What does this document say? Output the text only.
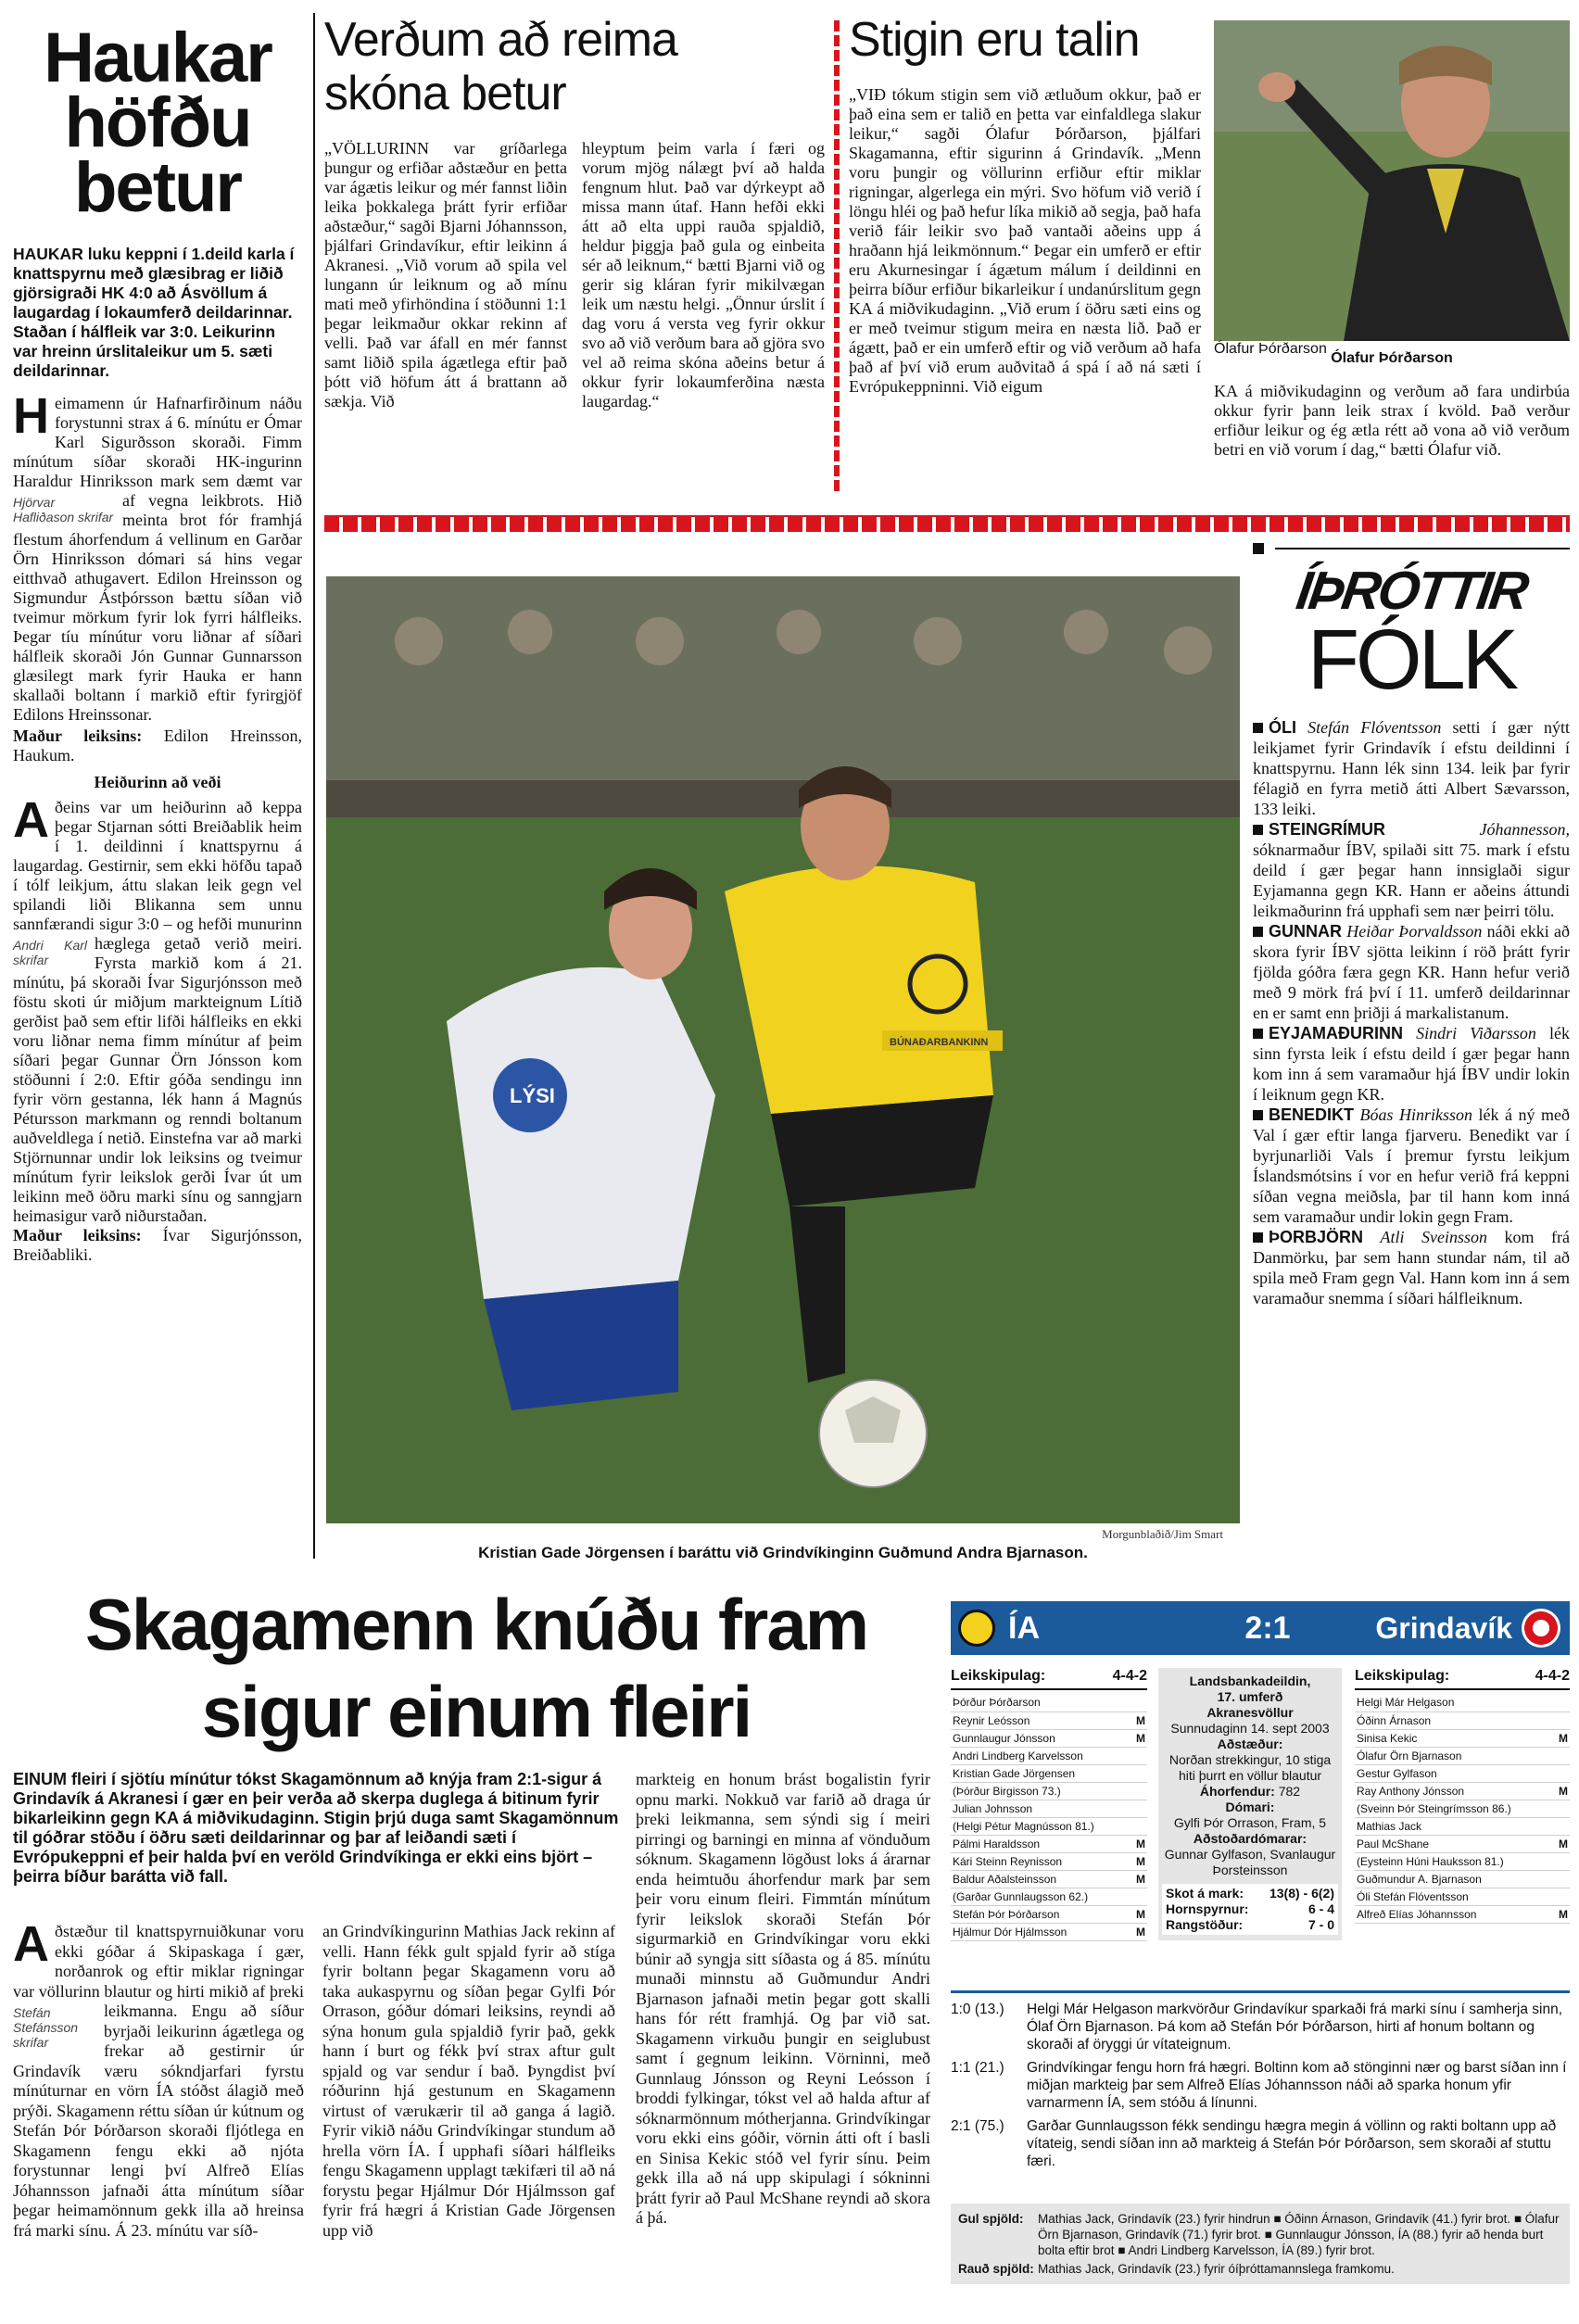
Haukar
höfðu
betur
HAUKAR luku keppni í 1.deild karla í knattspyrnu með glæsibrag er liðið gjörsigraði HK 4:0 að Ásvöllum á laugardag í lokaumferð deildarinnar. Staðan í hálfleik var 3:0. Leikurinn var hreinn úrslitaleikur um 5. sæti deildarinnar.
Heimamenn úr Hafnarfirðinum náðu forystunni strax á 6. mínútu er Ómar Karl Sigurðsson skoraði. Fimm mínútum síðar skoraði HK-ingurinn Haraldur Hinriksson mark sem dæmt var af vegna leikbrots.
Hjörvar Hafliðason skrifar
Hið meinta brot fór framhjá flestum áhorfendum á vellinum en Garðar Örn Hinriksson dómari sá hins vegar eitthvað athugavert. Edilon Hreinsson og Sigmundur Ástþórsson bættu síðan við tveimur mörkum fyrir lok fyrri hálfleiks. Þegar tíu mínútur voru liðnar af síðari hálfleik skoraði Jón Gunnar Gunnarsson glæsilegt mark fyrir Hauka er hann skallaði boltann í markið eftir fyrirgjöf Edilons Hreinssonar.

Maður leiksins: Edilon Hreinsson, Haukum.

Heiðurinn að veði
A ðeins var um heiðurinn að keppa þegar Stjarnan sótti Breiðablik heim í 1. deildinni í knattspyrnu á laugardag. Gestirnir, sem ekki höfðu tapað í tólf leikjum, áttu slakan leik gegn vel spilandi liði Blikanna sem unnu sannfærandi sigur 3:0 – og hefði munurinn hæglega getað verið meiri.
Andri Karl skrifar	Fyrsta markið kom á 21. mínútu, þá skoraði Ívar Sigurjónsson með föstu skoti úr miðjum markteignum Lítið gerðist það sem eftir lifði hálfleiks en ekki voru liðnar nema fimm mínútur af þeim síðari þegar Gunnar Örn Jónsson kom stöðunni í 2:0. Eftir góða sendingu inn fyrir vörn gestanna, lék hann á Magnús Pétursson markmann og renndi boltanum auðveldlega í netið. Einstefna var að marki Stjörnunnar undir lok leiksins og tveimur mínútum fyrir leikslok gerði Ívar út um leikinn með öðru marki sínu og sanngjarn heimasigur varð niðurstaðan.

Maður leiksins: Ívar Sigurjónsson, Breiðabliki.

Verðum að reima skóna betur
„VÖLLURINN var gríðarlega þungur og erfiðar aðstæður en þetta var ágætis leikur og mér fannst liðin leika þokkalega þrátt fyrir erfiðar aðstæður,“ sagði Bjarni Jóhannsson, þjálfari Grindavíkur, eftir leikinn á Akranesi. „Við vorum að spila vel lungann úr leiknum og að mínu mati með yfirhöndina í stöðunni 1:1 þegar leikmaður okkar rekinn af velli. Það var áfall en mér fannst samt liðið spila ágætlega eftir það þótt við höfum átt á brattann að sækja. Við
hleyptum þeim varla í færi og vorum mjög nálægt því að halda fengnum hlut. Það var dýrkeypt að missa mann útaf. Hann hefði ekki átt að elta uppi rauða spjaldið, heldur þiggja það gula og einbeita sér að leiknum,“ bætti Bjarni við og gerir sig kláran fyrir mikilvægan leik um næstu helgi. „Önnur úrslit í dag voru á versta veg fyrir okkur svo að við verðum bara að gjöra svo vel að reima skóna aðeins betur á okkur fyrir lokaumferðina næsta laugardag.“
Stigin eru talin
„VIÐ tókum stigin sem við ætluðum okkur, það er það eina sem er talið en þetta var einfaldlega slakur leikur,“ sagði Ólafur Þórðarson, þjálfari Skagamanna, eftir sigurinn á Grindavík. „Menn voru þungir og völlurinn erfiður eftir miklar rigningar, algerlega ein mýri. Svo höfum við verið í löngu hléi og það hefur líka mikið að segja, það hafa verið fáir leikir svo það vantaði aðeins upp á hraðann hjá leikmönnum.“ Þegar ein umferð er eftir eru Akurnesingar í ágætum málum í deildinni en þeirra bíður erfiður bikarleikur í undanúrslitum gegn KA á miðvikudaginn. „Við erum í öðru sæti eins og er með tveimur stigum meira en næsta lið. Það er ágætt, það er ein umferð eftir og við verðum að hafa það af því við erum auðvitað á spá í að ná sæti í Evrópukeppninni. Við eigum
Ólafur Þórðarson
Ólafur Þórðarson
KA á miðvikudaginn og verðum að fara undirbúa okkur fyrir þann leik strax í kvöld. Það verður erfiður leikur og ég ætla rétt að vona að við verðum betri en við vorum í dag,“ bætti Ólafur við.
BÚNAÐARBANKINN
LÝSI
Morgunblaðið/Jim Smart
Kristian Gade Jörgensen í baráttu við Grindvíkinginn Guðmund Andra Bjarnason.
ÍÞRÓTTIR
FÓLK

ÓLI Stefán Flóventsson setti í gær nýtt leikjamet fyrir Grindavík í efstu deildinni í knattspyrnu. Hann lék sinn 134. leik þar fyrir félagið en fyrra metið átti Albert Sævarsson, 133 leiki.

STEINGRÍMUR	Jóhannesson, sóknarmaður ÍBV, spilaði sitt 75. mark í efstu deild í gær þegar hann innsiglaði sigur Eyjamanna gegn KR. Hann er aðeins áttundi leikmaðurinn frá upphafi sem nær þeirri tölu.

GUNNAR Heiðar Þorvaldsson náði ekki að skora fyrir ÍBV sjötta leikinn í röð þrátt fyrir fjölda góðra færa gegn KR. Hann hefur verið með 9 mörk frá því í 11. umferð deildarinnar en er samt enn þriðji á markalistanum.

EYJAMAÐURINN Sindri Viðarsson lék sinn fyrsta leik í efstu deild í gær þegar hann kom inn á sem varamaður hjá ÍBV undir lokin í leiknum gegn KR.

BENEDIKT Bóas Hinriksson lék á ný með Val í gær eftir langa fjarveru. Benedikt var í byrjunarliði Vals í þremur fyrstu leikjum Íslandsmótsins í vor en hefur verið frá keppni síðan vegna meiðsla, þar til hann kom inná sem varamaður undir lokin gegn Fram.

ÞORBJÖRN Atli Sveinsson kom frá Danmörku, þar sem hann stundar nám, til að spila með Fram gegn Val. Hann kom inn á sem varamaður snemma í síðari hálfleiknum.

Skagamenn knúðu fram sigur einum fleiri
EINUM fleiri í sjötíu mínútur tókst Skagamönnum að knýja fram 2:1-sigur á Grindavík á Akranesi í gær en þeir verða að skerpa duglega á bitinum fyrir bikarleikinn gegn KA á miðvikudaginn. Stigin þrjú duga samt Skagamönnum til góðrar stöðu í öðru sæti deildarinnar og þar af leiðandi sæti í Evrópukeppni ef þeir halda því en veröld Grindvíkinga er ekki eins björt – þeirra bíður barátta við fall.
Aðstæður til knattspyrnuiðkunar voru ekki góðar á Skipaskaga í gær, norðanrok og eftir miklar rigningar var völlurinn blautur og hirti mikið af þreki leikmanna.
Stefán Stefánsson skrifar
Engu að síður byrjaði leikurinn ágætlega og frekar að gestirnir úr Grindavík væru sókndjarfari fyrstu mínúturnar en vörn ÍA stóðst álagið með prýði. Skagamenn réttu síðan úr kútnum og Stefán Þór Þórðarson skoraði fljótlega en Skagamenn fengu ekki að njóta forystunnar lengi því Alfreð Elías Jóhannsson jafnaði átta mínútum síðar þegar heimamönnum gekk illa að hreinsa frá marki sínu. Á 23. mínútu var síð-
an Grindvíkingurinn Mathias Jack rekinn af velli. Hann fékk gult spjald fyrir að stíga fyrir boltann þegar Skagamenn voru að taka aukaspyrnu og síðan þegar Gylfi Þór Orrason, góður dómari leiksins, reyndi að sýna honum gula spjaldið fyrir það, gekk hann í burt og fékk því strax aftur gult spjald og var sendur í bað. Þyngdist því róðurinn hjá gestunum en Skagamenn virtust of værukærir til að ganga á lagið. Fyrir vikið náðu Grindvíkingar stundum að hrella vörn ÍA. Í upphafi síðari hálfleiks fengu Skagamenn upplagt tækifæri til að ná forystu þegar Hjálmur Dór Hjálmsson gaf fyrir frá hægri á Kristian Gade Jörgensen upp við
markteig en honum brást bogalistin fyrir opnu marki. Nokkuð var farið að draga úr þreki leikmanna, sem sýndi sig í meiri pirringi og barningi en minna af vönduðum sóknum. Skagamenn lögðust loks á árarnar enda heimtuðu áhorfendur mark þar sem þeir voru einum fleiri. Fimmtán mínútum fyrir leikslok skoraði Stefán Þór sigurmarkið en Grindvíkingar voru ekki búnir að syngja sitt síðasta og á 85. mínútu munaði minnstu að Guðmundur Andri Bjarnason jafnaði metin þegar gott skalli hans fór rétt framhjá. Og þar við sat. Skagamenn virkuðu þungir en seiglubust samt í gegnum leikinn. Vörninni, með Gunnlaug Jónsson og Reyni Leósson í broddi fylkingar, tókst vel að halda aftur af sóknarmönnum mótherjanna. Grindvíkingar voru ekki eins góðir, vörnin átti oft í basli en Sinisa Kekic stóð vel fyrir sínu. Þeim gekk illa að ná upp skipulagi í sókninni þrátt fyrir að Paul McShane reyndi að skora á þá.
ÍA	2:1	Grindavík
Leikskipulag:	4-4-2
Þórður Þórðarson	
Reynir Leósson	M
Gunnlaugur Jónsson	M
Andri Lindberg Karvelsson	
Kristian Gade Jörgensen	
(Þórður Birgisson 73.)	
Julian Johnsson	
(Helgi Pétur Magnússon 81.)	
Pálmi Haraldsson	M
Kári Steinn Reynisson	M
Baldur Aðalsteinsson	M
(Garðar Gunnlaugsson 62.)	
Stefán Þór Þórðarson	M
Hjálmur Dór Hjálmsson	M
Landsbankadeildin,
17. umferð
Akranesvöllur
Sunnudaginn 14. sept 2003
Aðstæður:
Norðan strekkingur, 10 stiga hiti þurrt en völlur blautur
Áhorfendur: 782
Dómari:
Gylfi Þór Orrason, Fram, 5
Aðstoðardómarar:
Gunnar Gylfason, Svanlaugur Þorsteinsson
Skot á mark: 13(8) - 6(2)
Hornspyrnur:	6 - 4
Rangstöður:	7 - 0
Leikskipulag:	4-4-2
Helgi Már Helgason	
Óðinn Árnason	
Sinisa Kekic	M
Ólafur Örn Bjarnason	
Gestur Gylfason	
Ray Anthony Jónsson	M
(Sveinn Þór Steingrímsson 86.)	
Mathias Jack	
Paul McShane	M
(Eysteinn Húni Hauksson 81.)	
Guðmundur A. Bjarnason	
Óli Stefán Flóventsson	
Alfreð Elías Jóhannsson	M
1:0 (13.)	Helgi Már Helgason markvörður Grindavíkur sparkaði frá marki sínu í samherja sinn, Ólaf Örn Bjarnason. Þá kom að Stefán Þór Þórðarson, hirti af honum boltann og skoraði af öryggi úr vítateignum.
1:1 (21.)	Grindvíkingar fengu horn frá hægri. Boltinn kom að stönginni nær og barst síðan inn í miðjan markteig þar sem Alfreð Elías Jóhannsson náði að sparka honum yfir varnarmenn ÍA, sem stóðu á línunni.
2:1 (75.)	Garðar Gunnlaugsson fékk sendingu hægra megin á völlinn og rakti boltann upp að vítateig, sendi síðan inn að markteig á Stefán Þór Þórðarson, sem skoraði af stuttu færi.
Gul spjöld:	Mathias Jack, Grindavík (23.) fyrir hindrun ■ Óðinn Árnason, Grindavík (41.) fyrir brot. ■ Ólafur Örn Bjarnason, Grindavík (71.) fyrir brot. ■ Gunnlaugur Jónsson, ÍA (88.) fyrir að henda burt bolta eftir brot ■ Andri Lindberg Karvelsson, ÍA (89.) fyrir brot.
Rauð spjöld: Mathias Jack, Grindavík (23.) fyrir óíþróttamannslega framkomu.
